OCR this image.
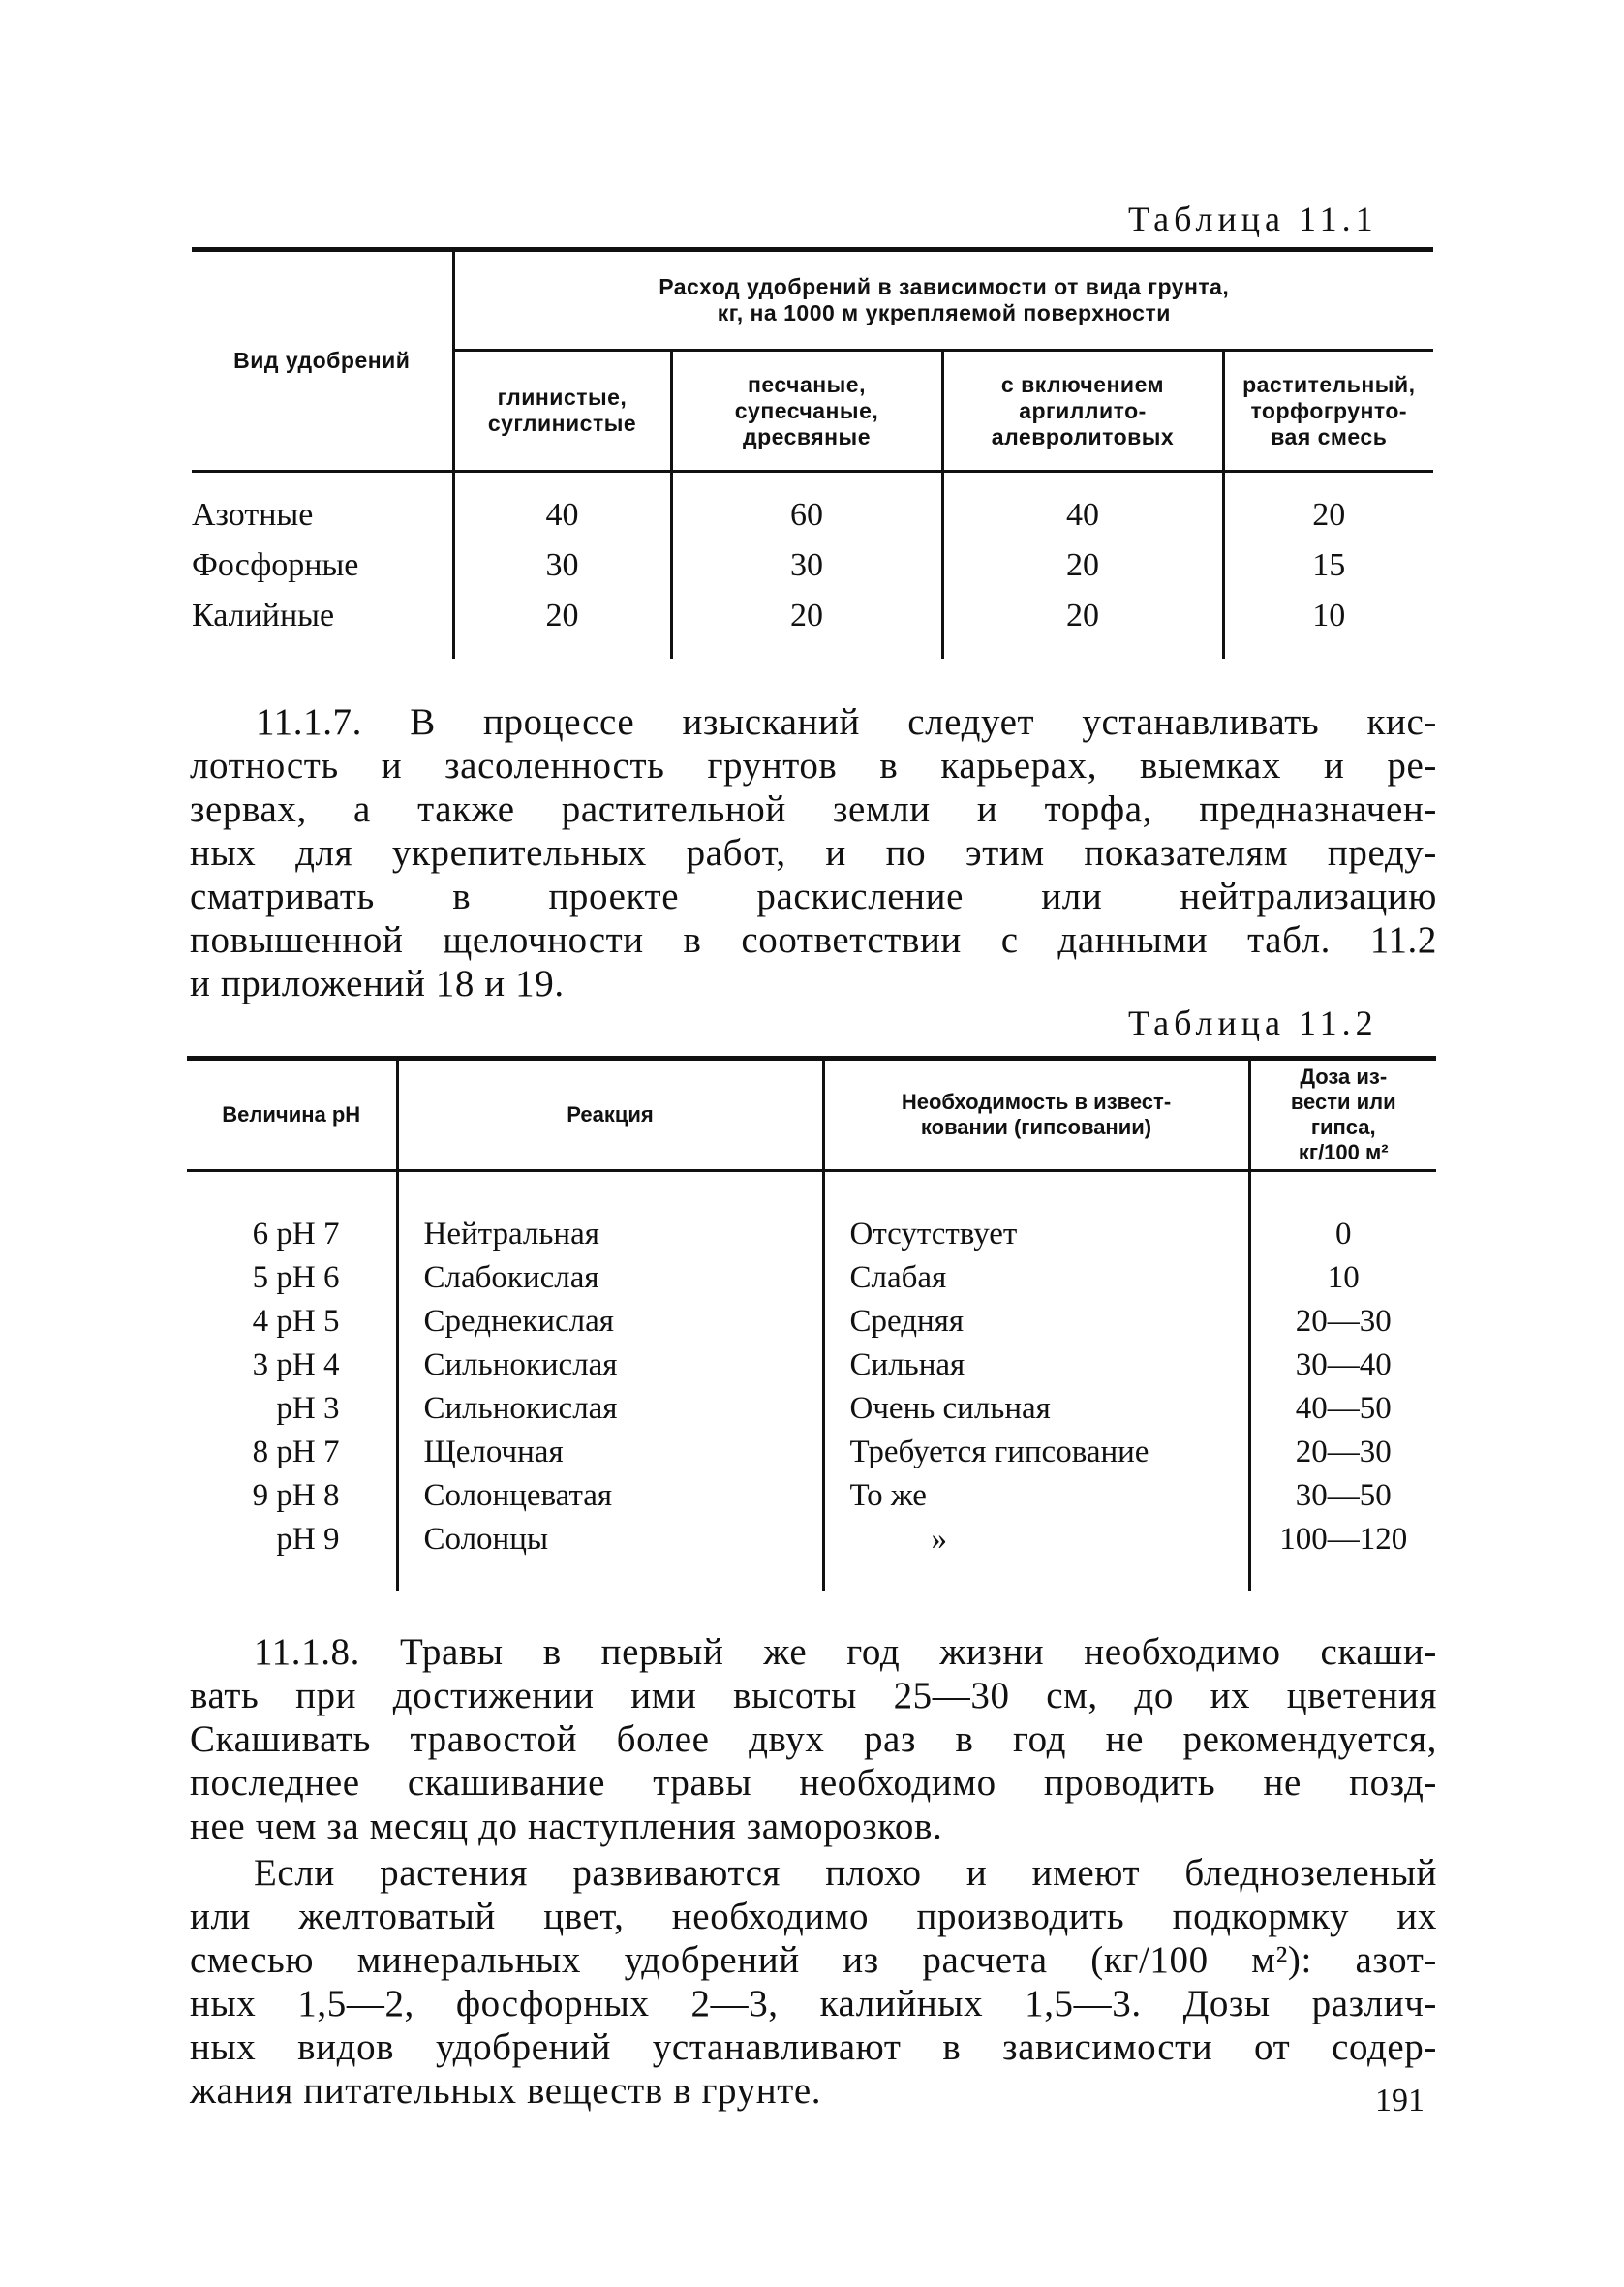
Таблица 11.1
Вид удобрений	Расход удобрений в зависимости от вида грунта,
кг, на 1000 м укрепляемой поверхности			
	глинистые,
суглинистые	песчаные,
супесчаные,
дресвяные	с включением
аргиллито-
алевролитовых	растительный,
торфогрунто-
вая смесь
Азотные	40	60	40	20
Фосфорные	30	30	20	15
Калийные	20	20	20	10
11.1.7. В процессе изысканий следует устанавливать кис-
лотность и засоленность грунтов в карьерах, выемках и ре-
зервах, а также растительной земли и торфа, предназначен-
ных для укрепительных работ, и по этим показателям преду-
сматривать в проекте раскисление или нейтрализацию
повышенной щелочности в соответствии с данными табл. 11.2
и приложений 18 и 19.
Таблица 11.2
Величина pH	Реакция	Необходимость в извест-
ковании (гипсовании)	Доза из-
вести или
гипса,
кг/100 м²
6 pH 7	Нейтральная	Отсутствует	0
5 pH 6	Слабокислая	Слабая	10
4 pH 5	Среднекислая	Средняя	20—30
3 pH 4	Сильнокислая	Сильная	30—40
pH 3	Сильнокислая	Очень сильная	40—50
8 pH 7	Щелочная	Требуется гипсование	20—30
9 pH 8	Солонцеватая	То же	30—50
pH 9	Солонцы	»	100—120
11.1.8. Травы в первый же год жизни необходимо скаши-
вать при достижении ими высоты 25—30 см, до их цветения
Скашивать травостой более двух раз в год не рекомендуется,
последнее скашивание травы необходимо проводить не позд-
нее чем за месяц до наступления заморозков.
Если растения развиваются плохо и имеют бледнозеленый
или желтоватый цвет, необходимо производить подкормку их
смесью минеральных удобрений из расчета (кг/100 м²): азот-
ных 1,5—2, фосфорных 2—3, калийных 1,5—3. Дозы различ-
ных видов удобрений устанавливают в зависимости от содер-
жания питательных веществ в грунте.	191
